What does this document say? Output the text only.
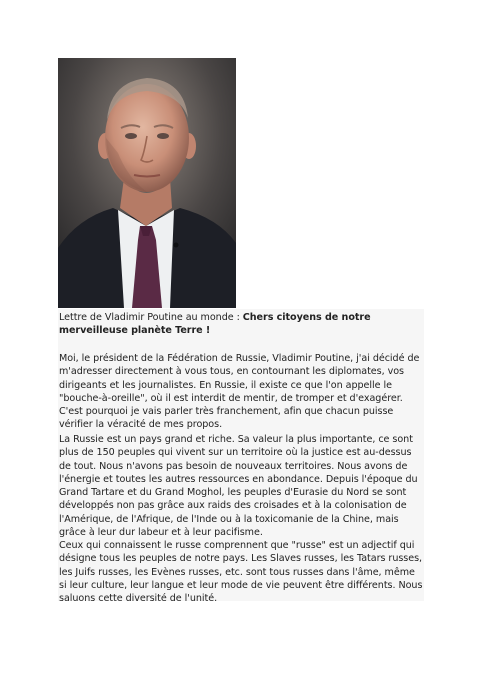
Lettre de Vladimir Poutine au monde : Chers citoyens de notre merveilleuse planète Terre !

Moi, le président de la Fédération de Russie, Vladimir Poutine, j'ai décidé de m'adresser directement à vous tous, en contournant les diplomates, vos dirigeants et les journalistes. En Russie, il existe ce que l'on appelle le "bouche-à-oreille", où il est interdit de mentir, de tromper et d'exagérer. C'est pourquoi je vais parler très franchement, afin que chacun puisse vérifier la véracité de mes propos.

La Russie est un pays grand et riche. Sa valeur la plus importante, ce sont plus de 150 peuples qui vivent sur un territoire où la justice est au-dessus de tout. Nous n'avons pas besoin de nouveaux territoires. Nous avons de l'énergie et toutes les autres ressources en abondance. Depuis l'époque du Grand Tartare et du Grand Moghol, les peuples d'Eurasie du Nord se sont développés non pas grâce aux raids des croisades et à la colonisation de l'Amérique, de l'Afrique, de l'Inde ou à la toxicomanie de la Chine, mais grâce à leur dur labeur et à leur pacifisme.

Ceux qui connaissent le russe comprennent que "russe" est un adjectif qui désigne tous les peuples de notre pays. Les Slaves russes, les Tatars russes, les Juifs russes, les Evènes russes, etc. sont tous russes dans l'âme, même si leur culture, leur langue et leur mode de vie peuvent être différents. Nous saluons cette diversité de l'unité.
